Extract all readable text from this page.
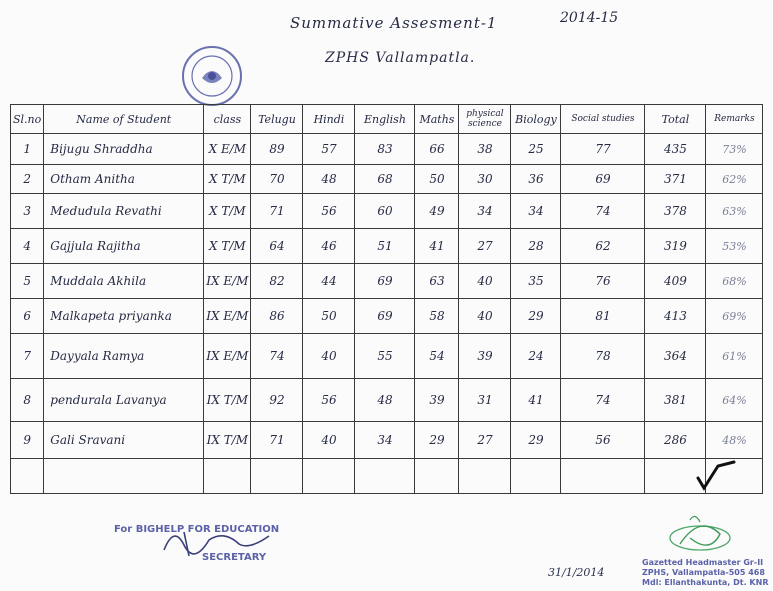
Summative Assesment-1	2014-15
ZPHS Vallampatla.
Sl.no	Name of Student	class	Telugu	Hindi	English	Maths	physical science	Biology	Social studies	Total	Remarks
1	Bijugu Shraddha	X E/M	89	57	83	66	38	25	77	435	73%
2	Otham Anitha	X T/M	70	48	68	50	30	36	69	371	62%
3	Medudula Revathi	X T/M	71	56	60	49	34	34	74	378	63%
4	Gajjula Rajitha	X T/M	64	46	51	41	27	28	62	319	53%
5	Muddala Akhila	IX E/M	82	44	69	63	40	35	76	409	68%
6	Malkapeta priyanka	IX E/M	86	50	69	58	40	29	81	413	69%
7	Dayyala Ramya	IX E/M	74	40	55	54	39	24	78	364	61%
8	pendurala Lavanya	IX T/M	92	56	48	39	31	41	74	381	64%
9	Gali Sravani	IX T/M	71	40	34	29	27	29	56	286	48%

For BIGHELP FOR EDUCATION
SECRETARY
31/1/2014
Gazetted Headmaster Gr-II
ZPHS, Vallampatla-505 468
Mdl: Ellanthakunta, Dt. KNR
